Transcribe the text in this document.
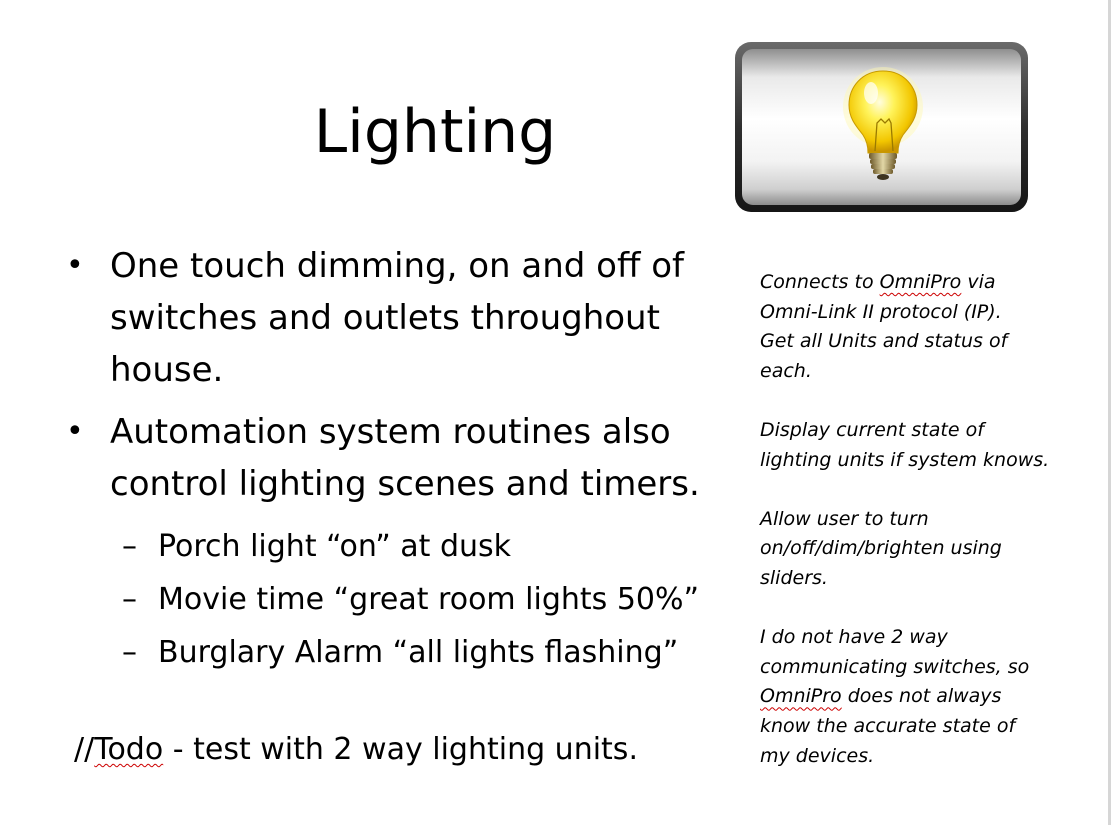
Lighting
• One touch dimming, on and off of
switches and outlets throughout
house.
• Automation system routines also
control lighting scenes and timers.
– Porch light “on” at dusk
– Movie time “great room lights 50%”
– Burglary Alarm “all lights flashing”
//Todo - test with 2 way lighting units.

Connects to OmniPro via
Omni-Link II protocol (IP).
Get all Units and status of
each.

Display current state of
lighting units if system knows.

Allow user to turn
on/off/dim/brighten using
sliders.

I do not have 2 way
communicating switches, so
OmniPro does not always
know the accurate state of
my devices.
